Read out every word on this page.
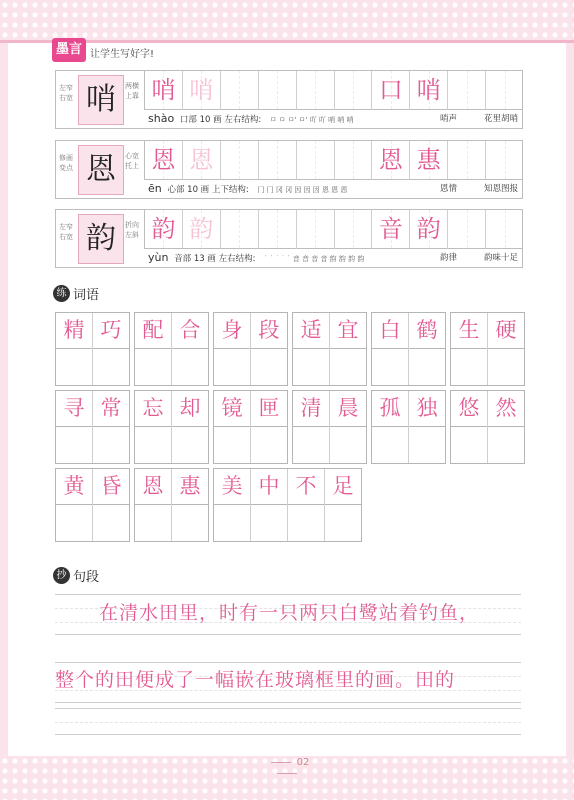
墨言 让学生写好字!
左窄右宽 哨	两横上靠 哨 哨	口 哨
shào 口部 10 画 左右结构: ㅁ ㅁ ㅁ' ㅁ' 吖 吖 哨 哨 哨	哨声	花里胡哨
修画变点 恩	心宽托上 恩 恩	恩 惠
ēn 心部 10 画 上下结构: 冂 冂 冈 冈 因 因 因 恩 恩 恩	恩情	知恩图报
左窄右宽 韵	折向左斜 韵 韵	音 韵
yùn 音部 13 画 左右结构: ˙ ˙ ˙ ˙ ˙ 音 音 音 音 韵 韵 韵 韵	韵律	韵味十足
练 词语
精 巧	配 合	身 段	适 宜	白 鹤	生 硬
寻 常	忘 却	镜 匣	清 晨	孤 独	悠 然
黄 昏	恩 惠	美 中 不 足
抄 句段
在清水田里，时有一只两只白鹭站着钓鱼，
整个的田便成了一幅嵌在玻璃框里的画。田的
02
